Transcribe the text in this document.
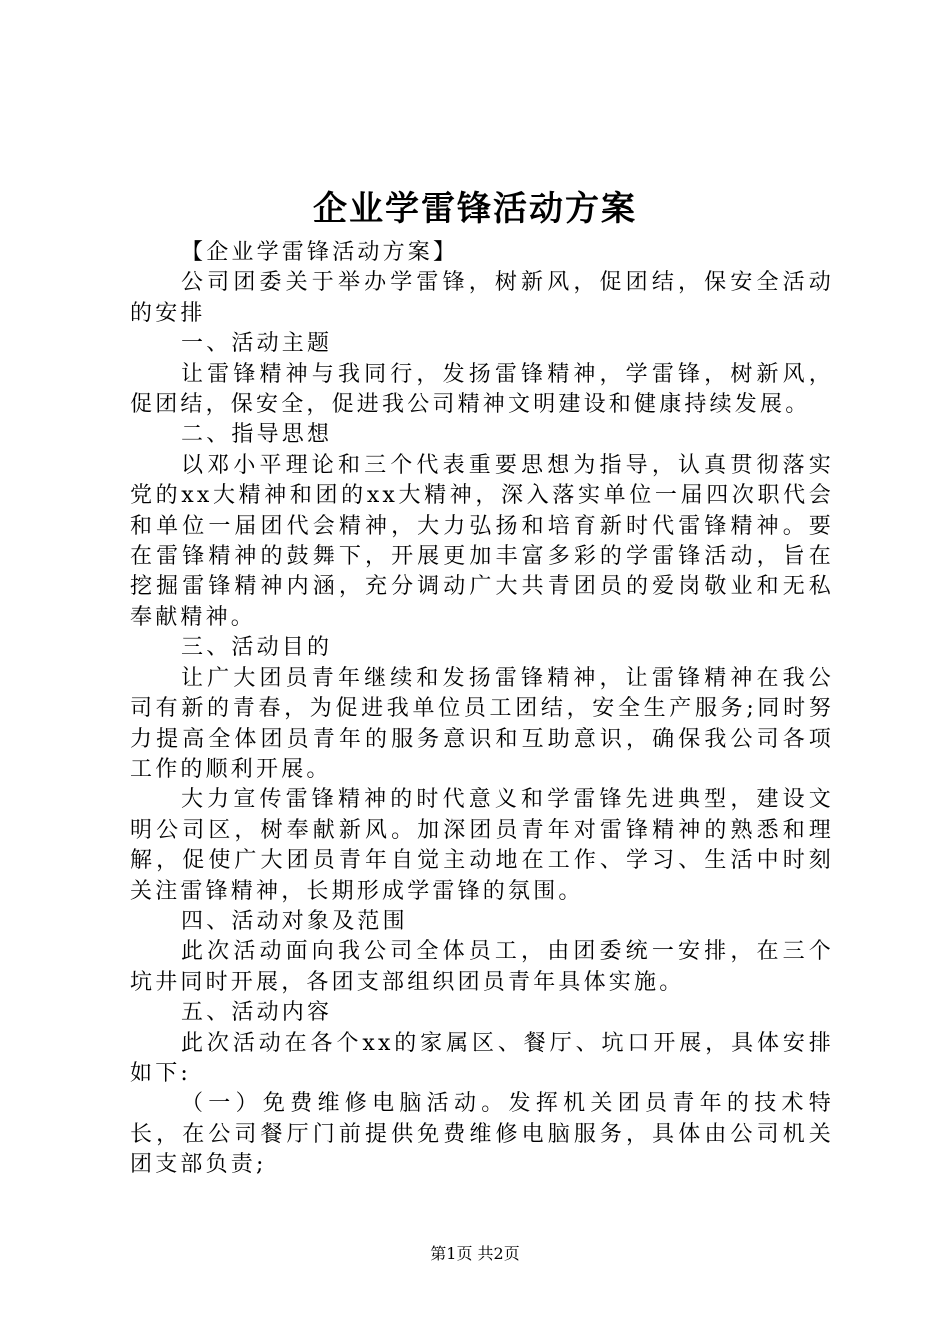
企业学雷锋活动方案

【企业学雷锋活动方案】

公司团委关于举办学雷锋，树新风，促团结，保安全活动的安排

一、活动主题

让雷锋精神与我同行，发扬雷锋精神，学雷锋，树新风，促团结，保安全，促进我公司精神文明建设和健康持续发展。

二、指导思想

以邓小平理论和三个代表重要思想为指导，认真贯彻落实党的xx大精神和团的xx大精神，深入落实单位一届四次职代会和单位一届团代会精神，大力弘扬和培育新时代雷锋精神。要在雷锋精神的鼓舞下，开展更加丰富多彩的学雷锋活动，旨在挖掘雷锋精神内涵，充分调动广大共青团员的爱岗敬业和无私奉献精神。

三、活动目的

让广大团员青年继续和发扬雷锋精神，让雷锋精神在我公司有新的青春，为促进我单位员工团结，安全生产服务;同时努力提高全体团员青年的服务意识和互助意识，确保我公司各项工作的顺利开展。

大力宣传雷锋精神的时代意义和学雷锋先进典型，建设文明公司区，树奉献新风。加深团员青年对雷锋精神的熟悉和理解，促使广大团员青年自觉主动地在工作、学习、生活中时刻关注雷锋精神，长期形成学雷锋的氛围。

四、活动对象及范围

此次活动面向我公司全体员工，由团委统一安排，在三个坑井同时开展，各团支部组织团员青年具体实施。

五、活动内容

此次活动在各个xx的家属区、餐厅、坑口开展，具体安排如下:

（一）免费维修电脑活动。发挥机关团员青年的技术特长，在公司餐厅门前提供免费维修电脑服务，具体由公司机关团支部负责;

第1页 共2页
